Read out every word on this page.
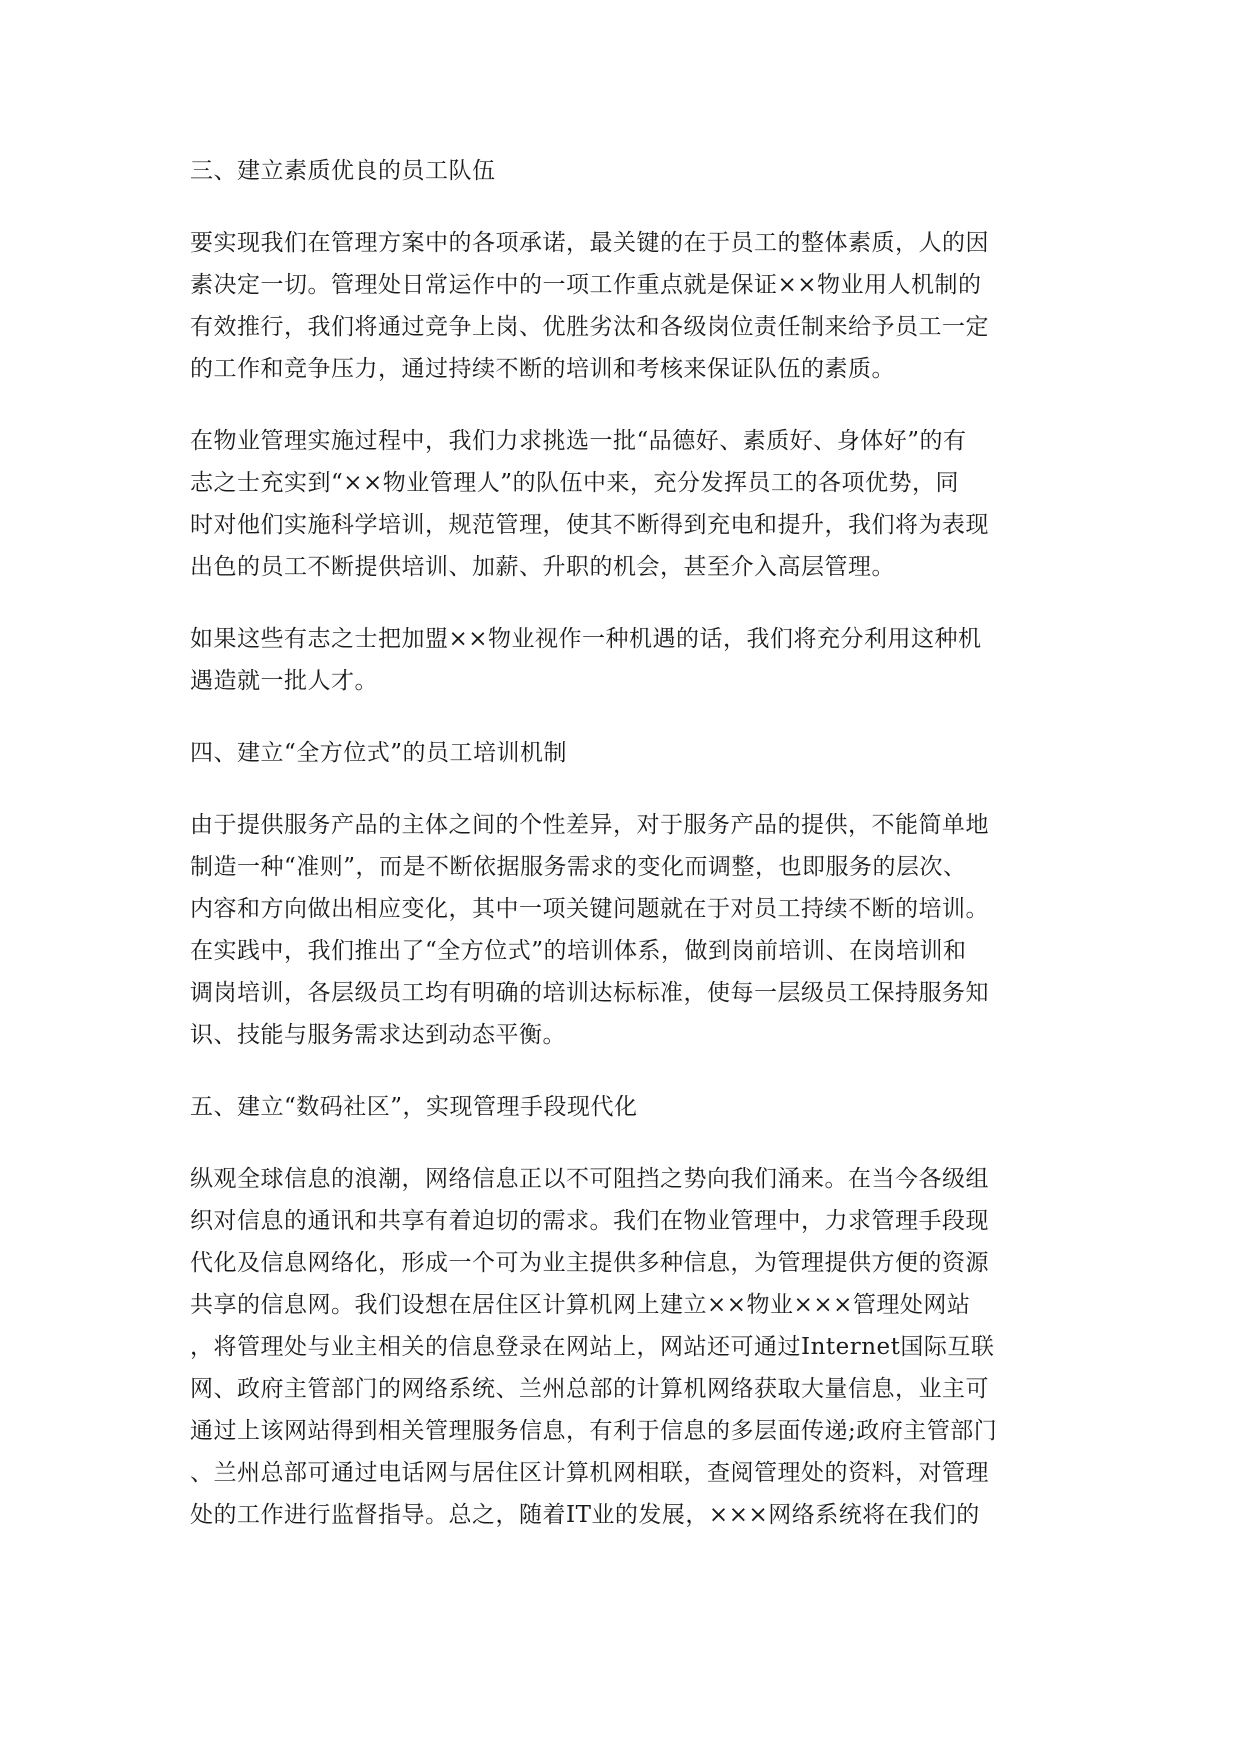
三、建立素质优良的员工队伍

要实现我们在管理方案中的各项承诺，最关键的在于员工的整体素质，人的因
素决定一切。管理处日常运作中的一项工作重点就是保证××物业用人机制的
有效推行，我们将通过竞争上岗、优胜劣汰和各级岗位责任制来给予员工一定
的工作和竞争压力，通过持续不断的培训和考核来保证队伍的素质。

在物业管理实施过程中，我们力求挑选一批“品德好、素质好、身体好”的有
志之士充实到“××物业管理人”的队伍中来，充分发挥员工的各项优势，同
时对他们实施科学培训，规范管理，使其不断得到充电和提升，我们将为表现
出色的员工不断提供培训、加薪、升职的机会，甚至介入高层管理。

如果这些有志之士把加盟××物业视作一种机遇的话，我们将充分利用这种机
遇造就一批人才。

四、建立“全方位式”的员工培训机制

由于提供服务产品的主体之间的个性差异，对于服务产品的提供，不能简单地
制造一种“准则”，而是不断依据服务需求的变化而调整，也即服务的层次、
内容和方向做出相应变化，其中一项关键问题就在于对员工持续不断的培训。
在实践中，我们推出了“全方位式”的培训体系，做到岗前培训、在岗培训和
调岗培训，各层级员工均有明确的培训达标标准，使每一层级员工保持服务知
识、技能与服务需求达到动态平衡。

五、建立“数码社区”，实现管理手段现代化

纵观全球信息的浪潮，网络信息正以不可阻挡之势向我们涌来。在当今各级组
织对信息的通讯和共享有着迫切的需求。我们在物业管理中，力求管理手段现
代化及信息网络化，形成一个可为业主提供多种信息，为管理提供方便的资源
共享的信息网。我们设想在居住区计算机网上建立××物业×××管理处网站
，将管理处与业主相关的信息登录在网站上，网站还可通过Internet国际互联
网、政府主管部门的网络系统、兰州总部的计算机网络获取大量信息，业主可
通过上该网站得到相关管理服务信息，有利于信息的多层面传递;政府主管部门
、兰州总部可通过电话网与居住区计算机网相联，查阅管理处的资料，对管理
处的工作进行监督指导。总之，随着IT业的发展，×××网络系统将在我们的
